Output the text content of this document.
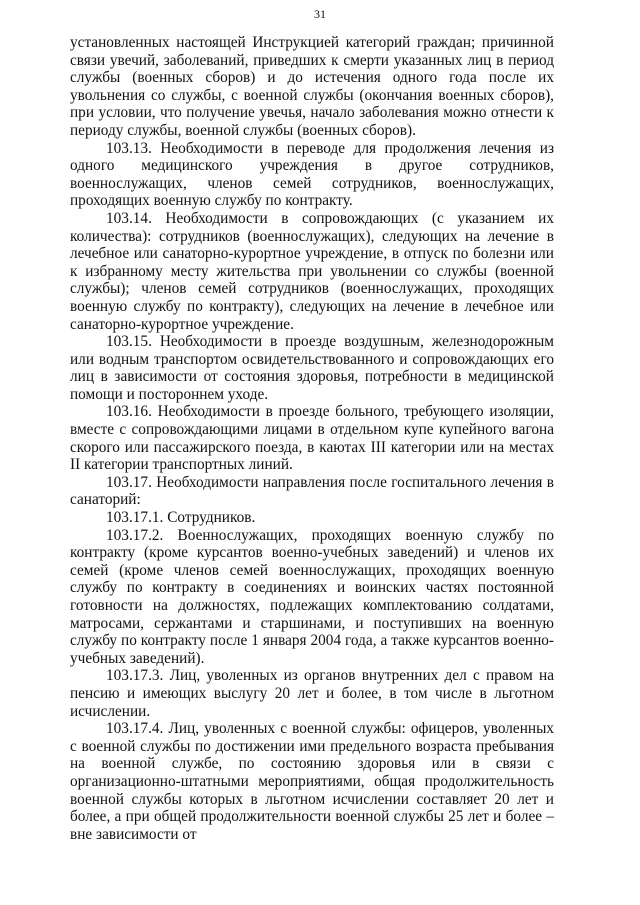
31

установленных настоящей Инструкцией категорий граждан; причинной связи увечий, заболеваний, приведших к смерти указанных лиц в период службы (военных сборов) и до истечения одного года после их увольнения со службы, с военной службы (окончания военных сборов), при условии, что получение увечья, начало заболевания можно отнести к периоду службы, военной службы (военных сборов).

103.13. Необходимости в переводе для продолжения лечения из одного медицинского учреждения в другое сотрудников, военнослужащих, членов семей сотрудников, военнослужащих, проходящих военную службу по контракту.

103.14. Необходимости в сопровождающих (с указанием их количества): сотрудников (военнослужащих), следующих на лечение в лечебное или санаторно-курортное учреждение, в отпуск по болезни или к избранному месту жительства при увольнении со службы (военной службы); членов семей сотрудников (военнослужащих, проходящих военную службу по контракту), следующих на лечение в лечебное или санаторно-курортное учреждение.

103.15. Необходимости в проезде воздушным, железнодорожным или водным транспортом освидетельствованного и сопровождающих его лиц в зависимости от состояния здоровья, потребности в медицинской помощи и постороннем уходе.

103.16. Необходимости в проезде больного, требующего изоляции, вместе с сопровождающими лицами в отдельном купе купейного вагона скорого или пассажирского поезда, в каютах III категории или на местах II категории транспортных линий.

103.17. Необходимости направления после госпитального лечения в санаторий:

103.17.1. Сотрудников.

103.17.2. Военнослужащих, проходящих военную службу по контракту (кроме курсантов военно-учебных заведений) и членов их семей (кроме членов семей военнослужащих, проходящих военную службу по контракту в соединениях и воинских частях постоянной готовности на должностях, подлежащих комплектованию солдатами, матросами, сержантами и старшинами, и поступивших на военную службу по контракту после 1 января 2004 года, а также курсантов военно-учебных заведений).

103.17.3. Лиц, уволенных из органов внутренних дел с правом на пенсию и имеющих выслугу 20 лет и более, в том числе в льготном исчислении.

103.17.4. Лиц, уволенных с военной службы: офицеров, уволенных с военной службы по достижении ими предельного возраста пребывания на военной службе, по состоянию здоровья или в связи с организационно-штатными мероприятиями, общая продолжительность военной службы которых в льготном исчислении составляет 20 лет и более, а при общей продолжительности военной службы 25 лет и более – вне зависимости от
